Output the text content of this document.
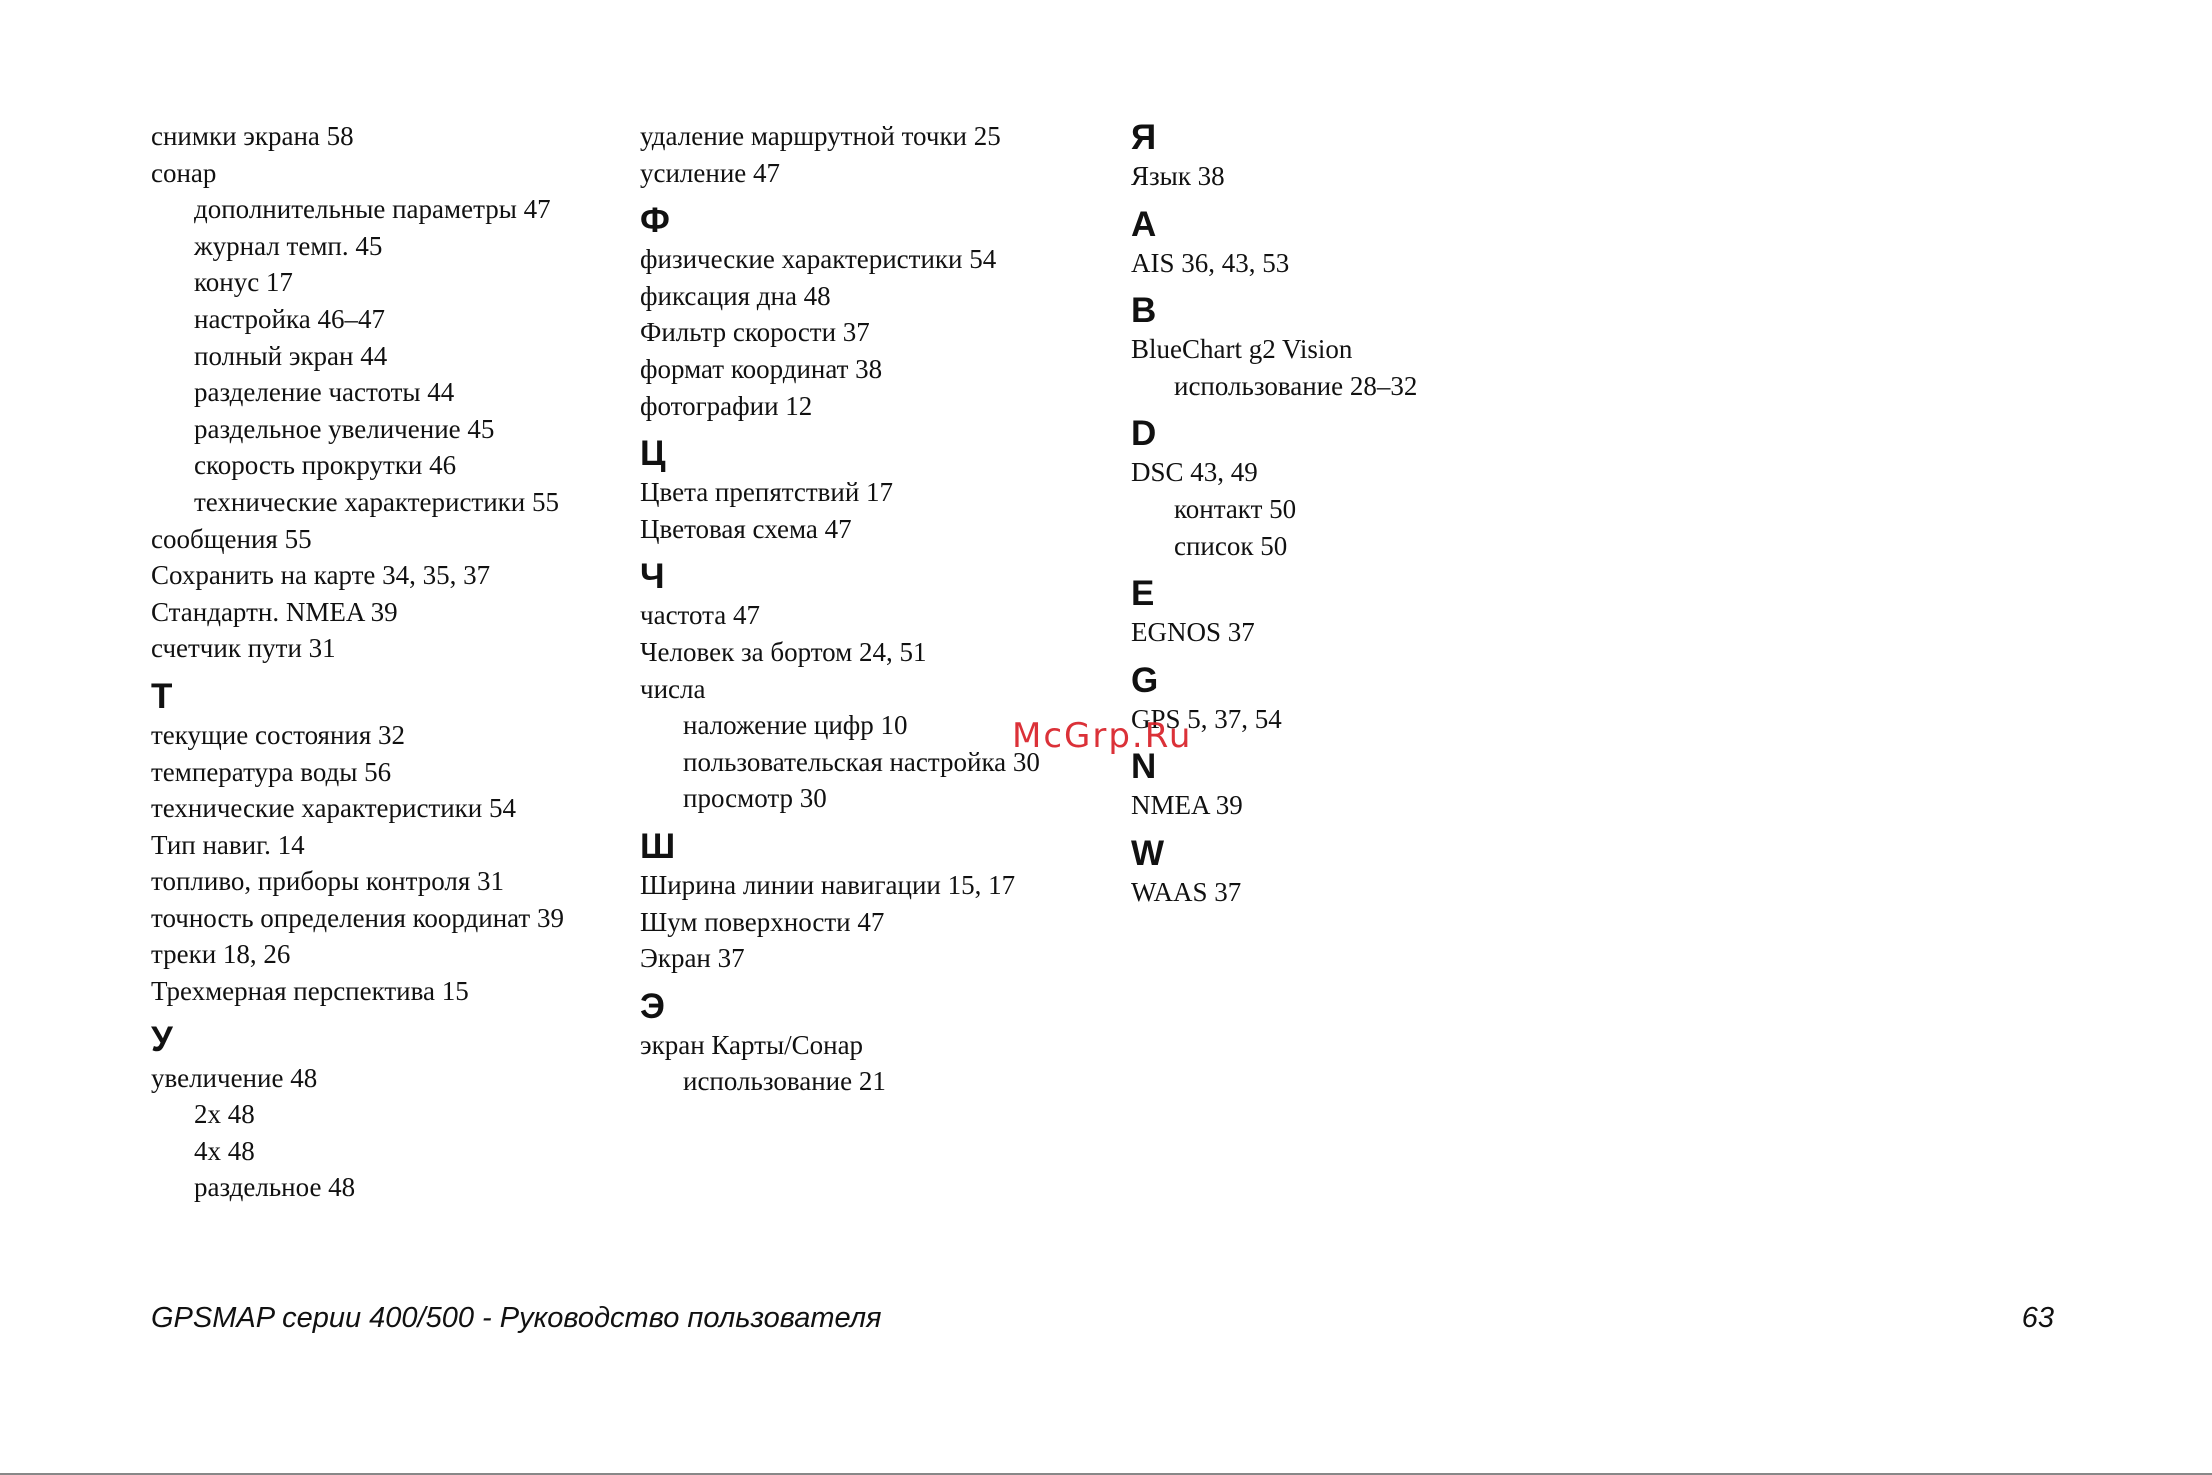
снимки экрана 58
сонар
дополнительные параметры 47
журнал темп. 45
конус 17
настройка 46–47
полный экран 44
разделение частоты 44
раздельное увеличение 45
скорость прокрутки 46
технические характеристики 55
сообщения 55
Сохранить на карте 34, 35, 37
Стандартн. NMEA 39
счетчик пути 31
Т
текущие состояния 32
температура воды 56
технические характеристики 54
Тип навиг. 14
топливо, приборы контроля 31
точность определения координат 39
треки 18, 26
Трехмерная перспектива 15
У
увеличение 48
2x 48
4x 48
раздельное 48
удаление маршрутной точки 25
усиление 47
Ф
физические характеристики 54
фиксация дна 48
Фильтр скорости 37
формат координат 38
фотографии 12
Ц
Цвета препятствий 17
Цветовая схема 47
Ч
частота 47
Человек за бортом 24, 51
числа
наложение цифр 10
пользовательская настройка 30
просмотр 30
Ш
Ширина линии навигации 15, 17
Шум поверхности 47
Экран 37
Э
экран Карты/Сонар
использование 21
Я
Язык 38
A
AIS 36, 43, 53
B
BlueChart g2 Vision
использование 28–32
D
DSC 43, 49
контакт 50
список 50
E
EGNOS 37
G
GPS 5, 37, 54
N
NMEA 39
W
WAAS 37
McGrp.Ru
GPSMAP серии 400/500 - Руководство пользователя	63
